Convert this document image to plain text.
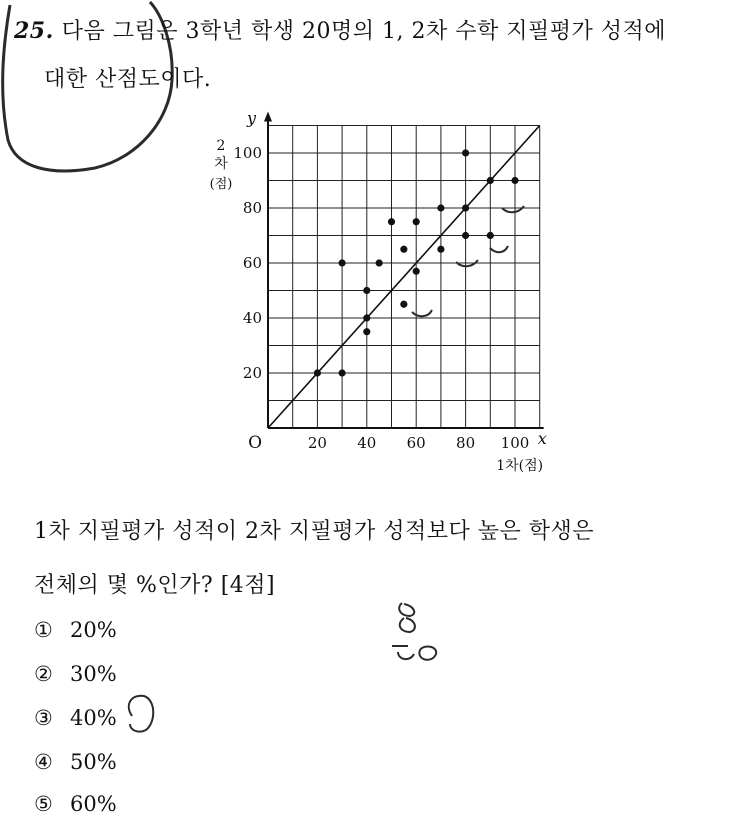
20 40 60 80 100
20
40
60
80
100
O	x
y
1차(점)
2
차
(점)
25. 다음 그림은 3학년 학생 20명의 1, 2차 수학 지필평가 성적에
대한 산점도이다.
1차 지필평가 성적이 2차 지필평가 성적보다 높은 학생은
전체의 몇 %인가? [4점]
① 20%
② 30%
③ 40%
④ 50%
⑤ 60%
